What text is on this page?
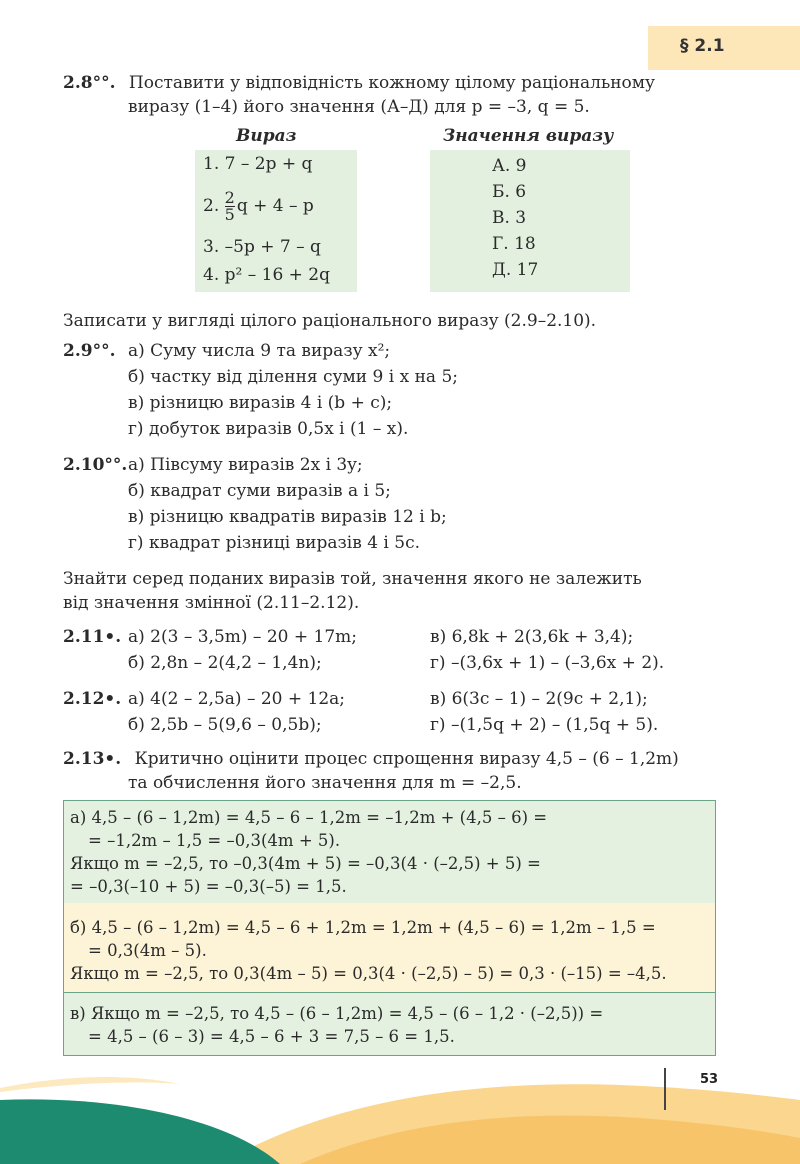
§ 2.1
2.8°°. Поставити у відповідність кожному цілому раціональному
виразу (1–4) його значення (А–Д) для p = –3, q = 5.
Вираз	Значення виразу
1. 7 – 2p + q
2. $\frac{2}{5}$ q + 4 – p
3. –5p + 7 – q
4. p² – 16 + 2q
А. 9
Б. 6
В. 3
Г. 18
Д. 17
Записати у вигляді цілого раціонального виразу (2.9–2.10).
2.9°°. а) Суму числа 9 та виразу x²;
б) частку від ділення суми 9 і x на 5;
в) різницю виразів 4 і (b + c);
г) добуток виразів 0,5x і (1 – x).
2.10°°. а) Півсуму виразів 2x і 3y;
б) квадрат суми виразів a і 5;
в) різницю квадратів виразів 12 і b;
г) квадрат різниці виразів 4 і 5c.
Знайти серед поданих виразів той, значення якого не залежить
від значення змінної (2.11–2.12).
2.11•. а) 2(3 – 3,5m) – 20 + 17m;
б) 2,8n – 2(4,2 – 1,4n);
в) 6,8k + 2(3,6k + 3,4);
г) –(3,6x + 1) – (–3,6x + 2).
2.12•. а) 4(2 – 2,5a) – 20 + 12a;
б) 2,5b – 5(9,6 – 0,5b);
в) 6(3c – 1) – 2(9c + 2,1);
г) –(1,5q + 2) – (1,5q + 5).
2.13•. Критично оцінити процес спрощення виразу 4,5 – (6 – 1,2m)
та обчислення його значення для m = –2,5.
а) 4,5 – (6 – 1,2m) = 4,5 – 6 – 1,2m = –1,2m + (4,5 – 6) =
= –1,2m – 1,5 = –0,3(4m + 5).
Якщо m = –2,5, то –0,3(4m + 5) = –0,3(4 · (–2,5) + 5) =
= –0,3(–10 + 5) = –0,3(–5) = 1,5.
б) 4,5 – (6 – 1,2m) = 4,5 – 6 + 1,2m = 1,2m + (4,5 – 6) = 1,2m – 1,5 =
= 0,3(4m – 5).
Якщо m = –2,5, то 0,3(4m – 5) = 0,3(4 · (–2,5) – 5) = 0,3 · (–15) = –4,5.
в) Якщо m = –2,5, то 4,5 – (6 – 1,2m) = 4,5 – (6 – 1,2 · (–2,5)) =
= 4,5 – (6 – 3) = 4,5 – 6 + 3 = 7,5 – 6 = 1,5.
53
